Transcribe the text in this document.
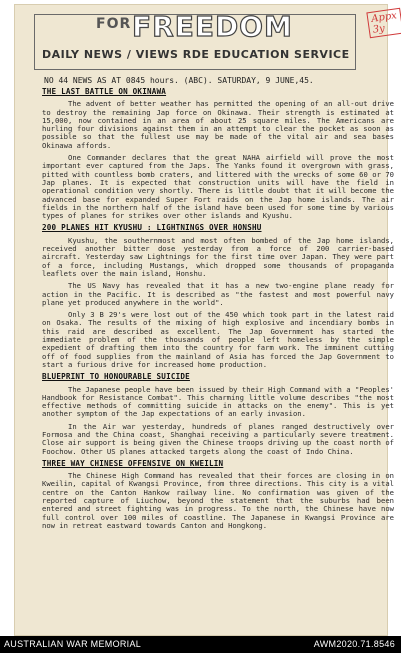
FOR FREEDOM
DAILY NEWS / VIEWS RDE EDUCATION SERVICE
Appx 3y
NO 44 NEWS AS AT 0845 hours. (ABC). SATURDAY, 9 JUNE,45.
THE LAST BATTLE ON OKINAWA

The advent of better weather has permitted the opening of an all-out drive to destroy the remaining Jap force on Okinawa. Their strength is estimated at 15,000, now contained in an area of about 25 square miles. The Americans are hurling four divisions against them in an attempt to clear the pocket as soon as possible so that the fullest use may be made of the vital air and sea bases Okinawa affords.

One Commander declares that the great NAHA airfield will prove the most important ever captured from the Japs. The Yanks found it overgrown with grass, pitted with countless bomb craters, and littered with the wrecks of some 60 or 70 Jap planes. It is expected that construction units will have the field in operational condition very shortly. There is little doubt that it will become the advanced base for expanded Super Fort raids on the Jap home islands. The air fields in the northern half of the island have been used for some time by various types of planes for strikes over other islands and Kyushu.

200 PLANES HIT KYUSHU : LIGHTNINGS OVER HONSHU

Kyushu, the southernmost and most often bombed of the Jap home islands, received another bitter dose yesterday from a force of 200 carrier-based aircraft. Yesterday saw Lightnings for the first time over Japan. They were part of a force, including Mustangs, which dropped some thousands of propaganda leaflets over the main island, Honshu.

The US Navy has revealed that it has a new two-engine plane ready for action in the Pacific. It is described as "the fastest and most powerful navy plane yet produced anywhere in the world".

Only 3 B 29's were lost out of the 450 which took part in the latest raid on Osaka. The results of the mixing of high explosive and incendiary bombs in this raid are described as excellent. The Jap Government has started the immediate problem of the thousands of people left homeless by the simple expedient of drafting them into the country for farm work. The imminent cutting off of food supplies from the mainland of Asia has forced the Jap Government to start a furious drive for increased home production.

BLUEPRINT TO HONOURABLE SUICIDE

The Japanese people have been issued by their High Command with a "Peoples' Handbook for Resistance Combat". This charming little volume describes "the most effective methods of committing suicide in attacks on the enemy". This is yet another symptom of the Jap expectations of an early invasion.

In the Air war yesterday, hundreds of planes ranged destructively over Formosa and the China coast, Shanghai receiving a particularly severe treatment. Close air support is being given the Chinese troops driving up the coast north of Foochow. Other US planes attacked targets along the coast of Indo China.

THREE WAY CHINESE OFFENSIVE ON KWEILIN

The Chinese High Command has revealed that their forces are closing in on Kweilin, capital of Kwangsi Province, from three directions. This city is a vital centre on the Canton Hankow railway line. No confirmation was given of the reported capture of Liuchow, beyond the statement that the suburbs had been entered and street fighting was in progress. To the north, the Chinese have now full control over 100 miles of coastline. The Japanese in Kwangsi Province are now in retreat eastward towards Canton and Hongkong.

AUSTRALIAN WAR MEMORIAL	AWM2020.71.8546
